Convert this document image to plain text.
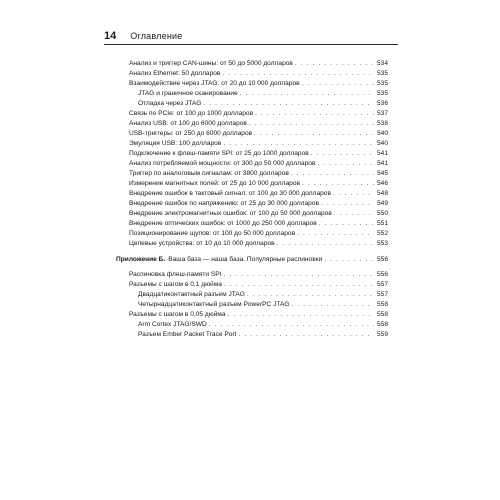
14 Оглавление
Анализ и триггер CAN-шины: от 50 до 5000 долларов . . .	534
Анализ Ethernet: 50 долларов . . .	535
Взаимодействие через JTAG: от 20 до 10 000 долларов . . .	535
JTAG и граничное сканирование . . .	535
Отладка через JTAG . . .	536
Связь по PCIe: от 100 до 1000 долларов . . .	537
Анализ USB: от 100 до 6000 долларов . . .	538
USB-триггеры: от 250 до 6000 долларов . . .	540
Эмуляция USB: 100 долларов . . .	540
Подключение к флеш-памяти SPI: от 25 до 1000 долларов . . .	541
Анализ потребляемой мощности: от 300 до 50 000 долларов . . .	541
Триггер по аналоговым сигналам: от 3800 долларов . . .	545
Измерение магнитных полей: от 25 до 10 000 долларов . . .	546
Внедрение ошибок в тактовый сигнал: от 100 до 30 000 долларов . . .	548
Внедрение ошибок по напряжению: от 25 до 30 000 долларов . . .	549
Внедрение электромагнитных ошибок: от 100 до 50 000 долларов . . .	550
Внедрение оптических ошибок: от 1000 до 250 000 долларов . . .	551
Позиционирование щупов: от 100 до 50 000 долларов . . .	552
Целевые устройства: от 10 до 10 000 долларов . . .	553
Приложение Б. Ваша база — наша база. Популярные распиновки . . .	556
Распиновка флеш-памяти SPI . . .	556
Разъемы с шагом в 0,1 дюйма . . .	557
Двадцатиконтактный разъем JTAG . . .	557
Четырнадцатиконтактный разъем PowerPC JTAG . . .	558
Разъемы с шагом в 0,05 дюйма . . .	558
Arm Cortex JTAG/SWD . . .	558
Разъем Ember Packet Trace Port . . .	559
